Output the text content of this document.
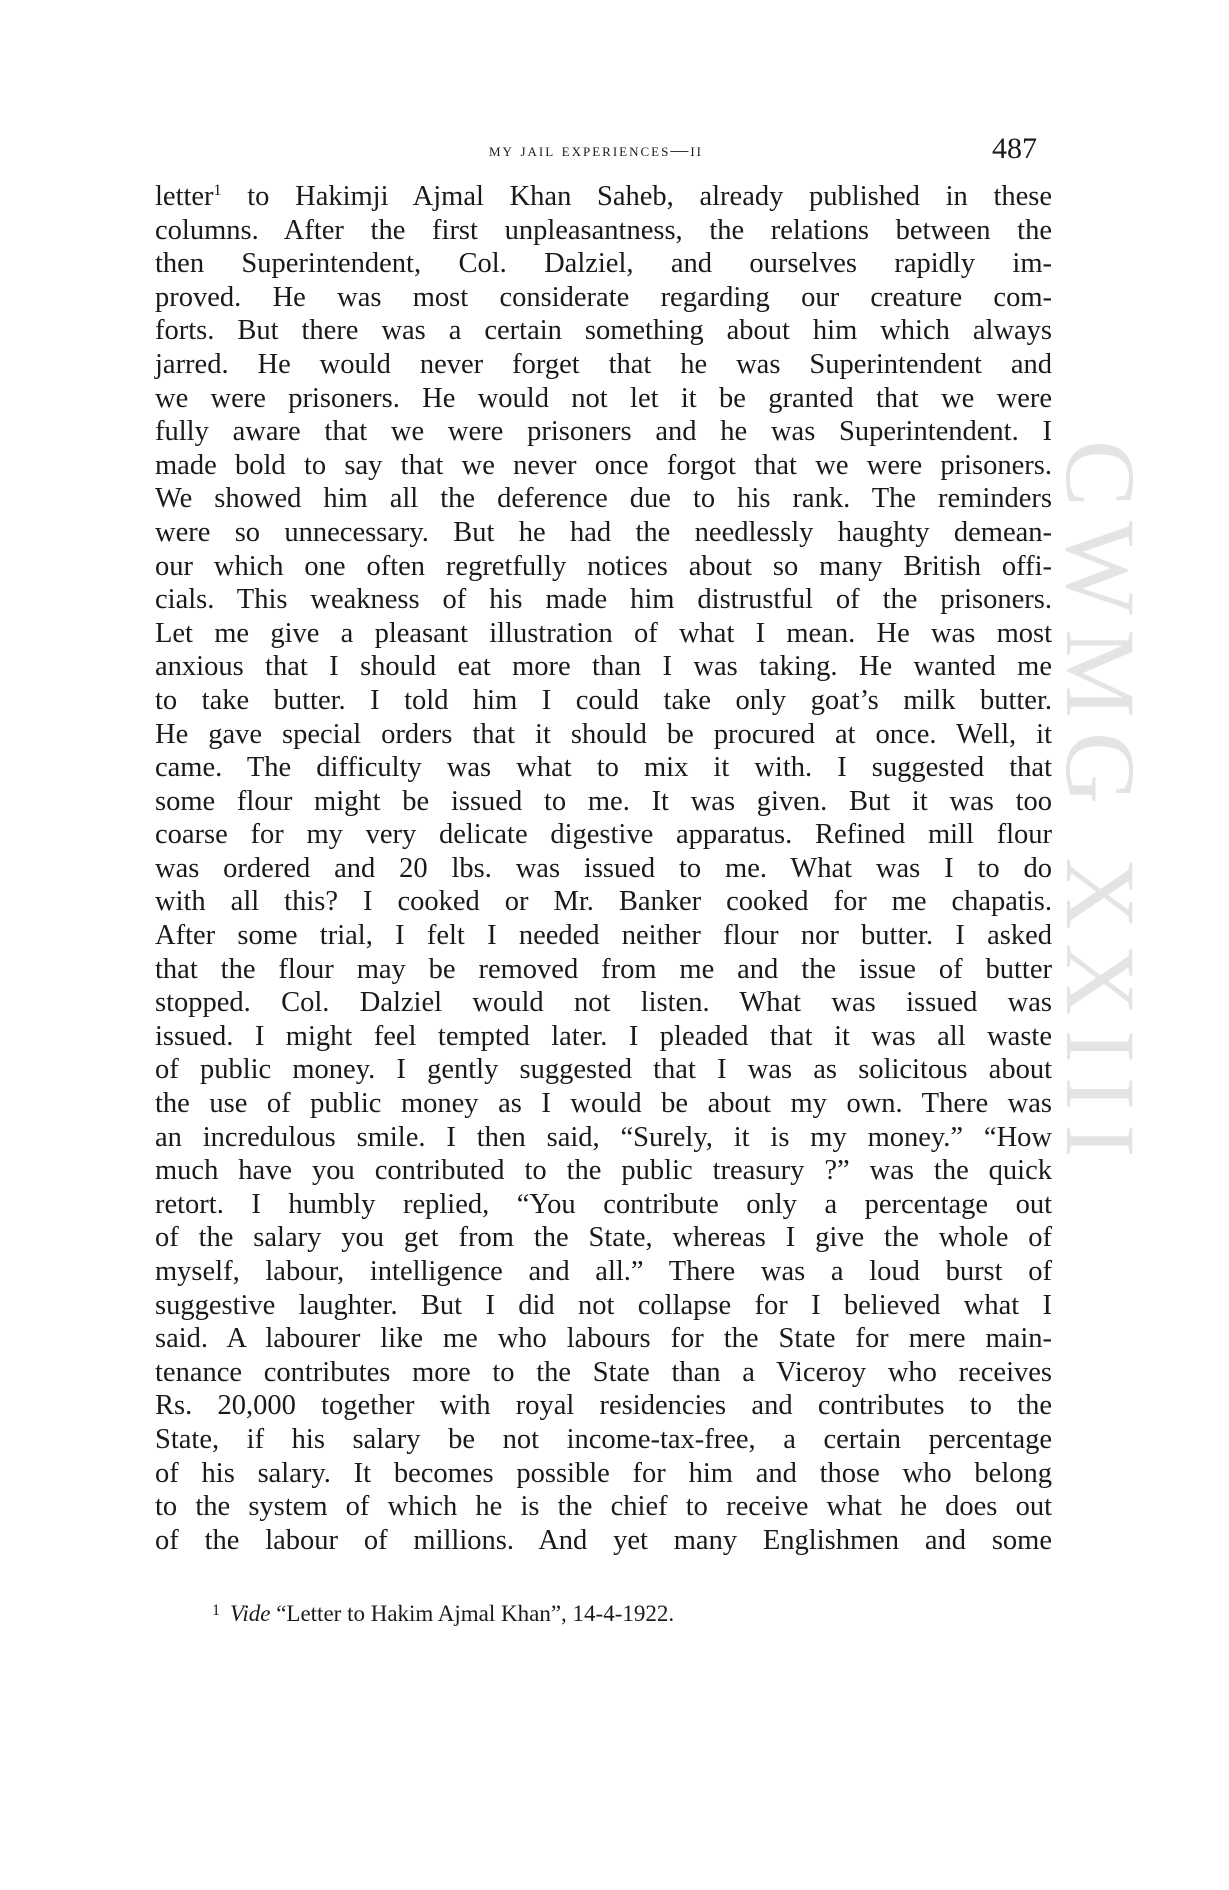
CWMG XXIII
my jail experiences—ii	487
letter$^1$ to Hakimji Ajmal Khan Saheb, already published in these
columns. After the first unpleasantness, the relations between the
then Superintendent, Col. Dalziel, and ourselves rapidly im-
proved. He was most considerate regarding our creature com-
forts. But there was a certain something about him which always
jarred. He would never forget that he was Superintendent and
we were prisoners. He would not let it be granted that we were
fully aware that we were prisoners and he was Superintendent. I
made bold to say that we never once forgot that we were prisoners.
We showed him all the deference due to his rank. The reminders
were so unnecessary. But he had the needlessly haughty demean-
our which one often regretfully notices about so many British offi-
cials. This weakness of his made him distrustful of the prisoners.
Let me give a pleasant illustration of what I mean. He was most
anxious that I should eat more than I was taking. He wanted me
to take butter. I told him I could take only goat’s milk butter.
He gave special orders that it should be procured at once. Well, it
came. The difficulty was what to mix it with. I suggested that
some flour might be issued to me. It was given. But it was too
coarse for my very delicate digestive apparatus. Refined mill flour
was ordered and 20 lbs. was issued to me. What was I to do
with all this? I cooked or Mr. Banker cooked for me chapatis.
After some trial, I felt I needed neither flour nor butter. I asked
that the flour may be removed from me and the issue of butter
stopped. Col. Dalziel would not listen. What was issued was
issued. I might feel tempted later. I pleaded that it was all waste
of public money. I gently suggested that I was as solicitous about
the use of public money as I would be about my own. There was
an incredulous smile. I then said, “Surely, it is my money.” “How
much have you contributed to the public treasury ?” was the quick
retort. I humbly replied, “You contribute only a percentage out
of the salary you get from the State, whereas I give the whole of
myself, labour, intelligence and all.” There was a loud burst of
suggestive laughter. But I did not collapse for I believed what I
said. A labourer like me who labours for the State for mere main-
tenance contributes more to the State than a Viceroy who receives
Rs. 20,000 together with royal residencies and contributes to the
State, if his salary be not income-tax-free, a certain percentage
of his salary. It becomes possible for him and those who belong
to the system of which he is the chief to receive what he does out
of the labour of millions. And yet many Englishmen and some
$^1$ Vide “Letter to Hakim Ajmal Khan”, 14-4-1922.
